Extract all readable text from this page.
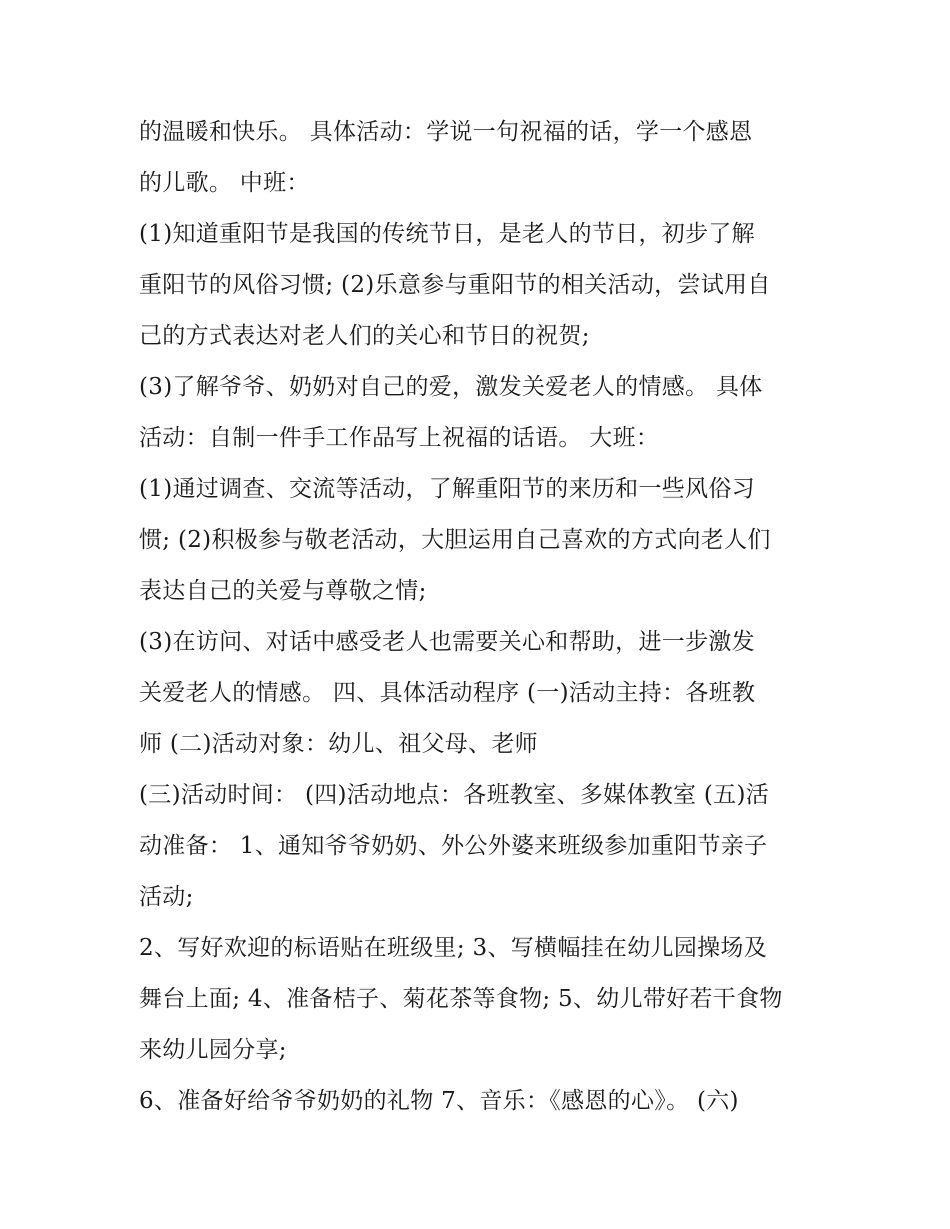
的温暖和快乐。 具体活动：学说一句祝福的话，学一个感恩
的儿歌。 中班：
(1)知道重阳节是我国的传统节日，是老人的节日，初步了解
重阳节的风俗习惯; (2)乐意参与重阳节的相关活动，尝试用自
己的方式表达对老人们的关心和节日的祝贺;
(3)了解爷爷、奶奶对自己的爱，激发关爱老人的情感。 具体
活动：自制一件手工作品写上祝福的话语。 大班：
(1)通过调查、交流等活动，了解重阳节的来历和一些风俗习
惯; (2)积极参与敬老活动，大胆运用自己喜欢的方式向老人们
表达自己的关爱与尊敬之情;
(3)在访问、对话中感受老人也需要关心和帮助，进一步激发
关爱老人的情感。 四、具体活动程序 (一)活动主持：各班教
师 (二)活动对象：幼儿、祖父母、老师
(三)活动时间： (四)活动地点：各班教室、多媒体教室 (五)活
动准备： 1、通知爷爷奶奶、外公外婆来班级参加重阳节亲子
活动;
2、写好欢迎的标语贴在班级里; 3、写横幅挂在幼儿园操场及
舞台上面; 4、准备桔子、菊花茶等食物; 5、幼儿带好若干食物
来幼儿园分享;
6、准备好给爷爷奶奶的礼物 7、音乐：《感恩的心》。 (六)
